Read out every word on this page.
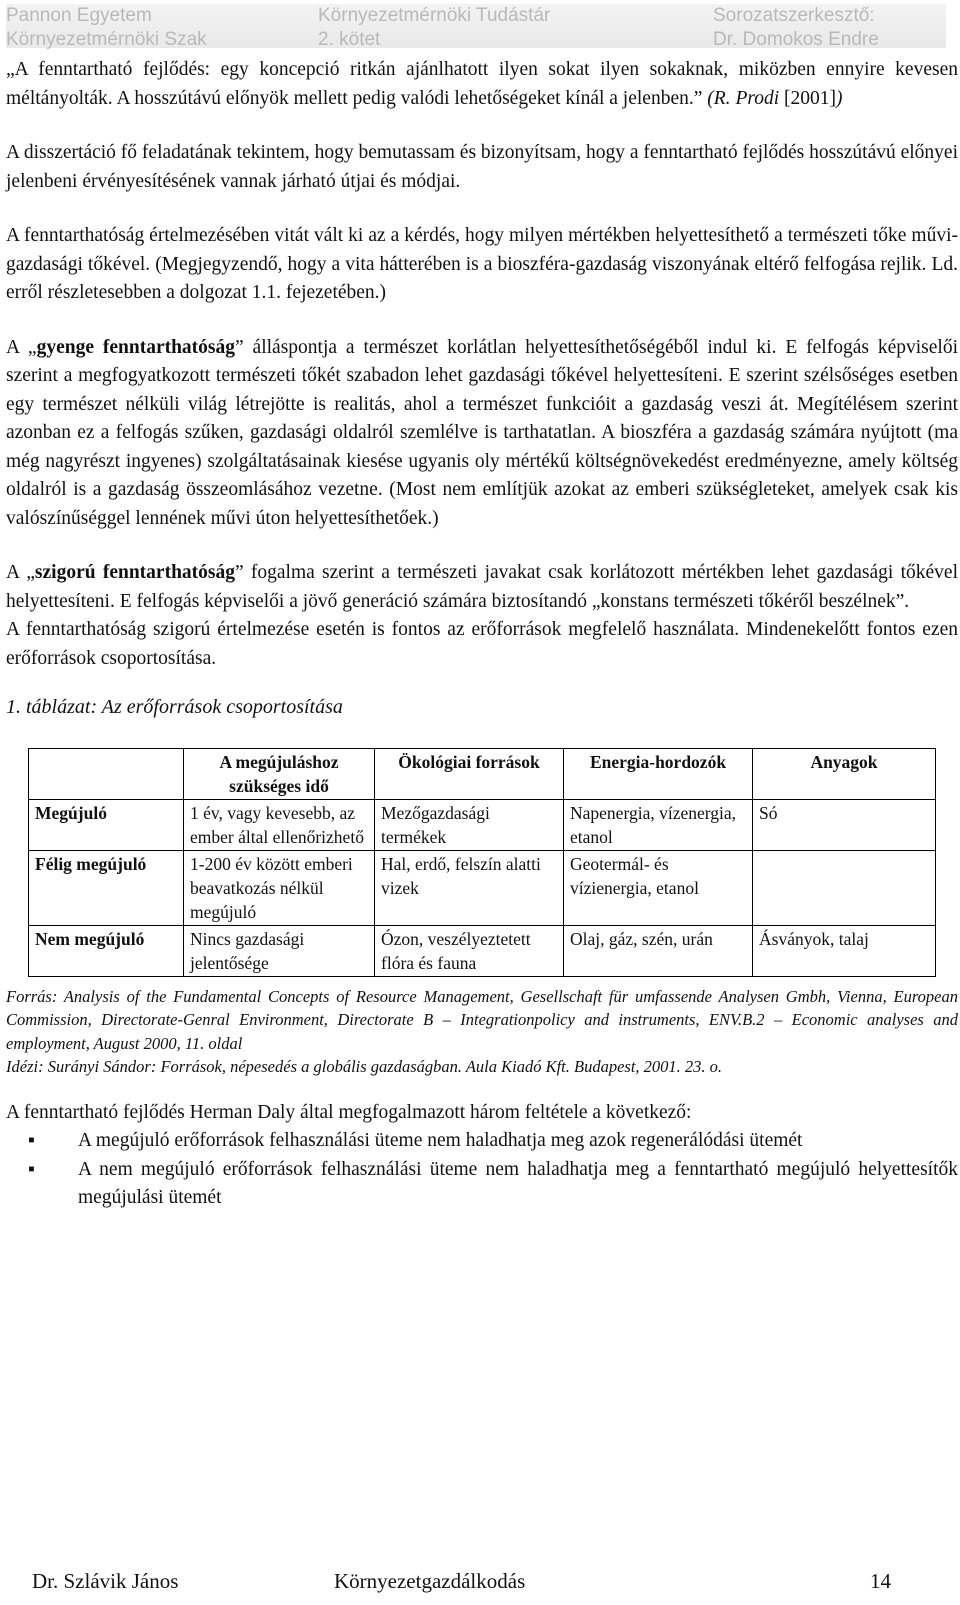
Pannon Egyetem
Környezetmérnöki Szak
Környezetmérnöki Tudástár
2. kötet
Sorozatszerkesztő:
Dr. Domokos Endre

„A fenntartható fejlődés: egy koncepció ritkán ajánlhatott ilyen sokat ilyen sokaknak, miközben ennyire kevesen méltányolták. A hosszútávú előnyök mellett pedig valódi lehetőségeket kínál a jelenben.” (R. Prodi [2001])

A disszertáció fő feladatának tekintem, hogy bemutassam és bizonyítsam, hogy a fenntartható fejlődés hosszútávú előnyei jelenbeni érvényesítésének vannak járható útjai és módjai.

A fenntarthatóság értelmezésében vitát vált ki az a kérdés, hogy milyen mértékben helyettesíthető a természeti tőke művi-gazdasági tőkével. (Megjegyzendő, hogy a vita hátterében is a bioszféra-gazdaság viszonyának eltérő felfogása rejlik. Ld. erről részletesebben a dolgozat 1.1. fejezetében.)

A „gyenge fenntarthatóság” álláspontja a természet korlátlan helyettesíthetőségéből indul ki. E felfogás képviselői szerint a megfogyatkozott természeti tőkét szabadon lehet gazdasági tőkével helyettesíteni. E szerint szélsőséges esetben egy természet nélküli világ létrejötte is realitás, ahol a természet funkcióit a gazdaság veszi át. Megítélésem szerint azonban ez a felfogás szűken, gazdasági oldalról szemlélve is tarthatatlan. A bioszféra a gazdaság számára nyújtott (ma még nagyrészt ingyenes) szolgáltatásainak kiesése ugyanis oly mértékű költségnövekedést eredményezne, amely költség oldalról is a gazdaság összeomlásához vezetne. (Most nem említjük azokat az emberi szükségleteket, amelyek csak kis valószínűséggel lennének művi úton helyettesíthetőek.)

A „szigorú fenntarthatóság” fogalma szerint a természeti javakat csak korlátozott mértékben lehet gazdasági tőkével helyettesíteni. E felfogás képviselői a jövő generáció számára biztosítandó „konstans természeti tőkéről beszélnek”.

A fenntarthatóság szigorú értelmezése esetén is fontos az erőforrások megfelelő használata. Mindenekelőtt fontos ezen erőforrások csoportosítása.

1. táblázat: Az erőforrások csoportosítása

	A megújuláshoz szükséges idő	Ökológiai források	Energia-hordozók	Anyagok
Megújuló	1 év, vagy kevesebb, az ember által ellenőrizhető	Mezőgazdasági termékek	Napenergia, vízenergia, etanol	Só
Félig megújuló	1-200 év között emberi beavatkozás nélkül megújuló	Hal, erdő, felszín alatti vizek	Geotermál- és vízienergia, etanol	
Nem megújuló	Nincs gazdasági jelentősége	Ózon, veszélyeztetett flóra és fauna	Olaj, gáz, szén, urán	Ásványok, talaj

Forrás: Analysis of the Fundamental Concepts of Resource Management, Gesellschaft für umfassende Analysen Gmbh, Vienna, European Commission, Directorate-Genral Environment, Directorate B – Integrationpolicy and instruments, ENV.B.2 – Economic analyses and employment, August 2000, 11. oldal
Idézi: Surányi Sándor: Források, népesedés a globális gazdaságban. Aula Kiadó Kft. Budapest, 2001. 23. o.

A fenntartható fejlődés Herman Daly által megfogalmazott három feltétele a következő:

▪ A megújuló erőforrások felhasználási üteme nem haladhatja meg azok regenerálódási ütemét
▪ A nem megújuló erőforrások felhasználási üteme nem haladhatja meg a fenntartható megújuló helyettesítők megújulási ütemét
Dr. Szlávik János	Környezetgazdálkodás	14
